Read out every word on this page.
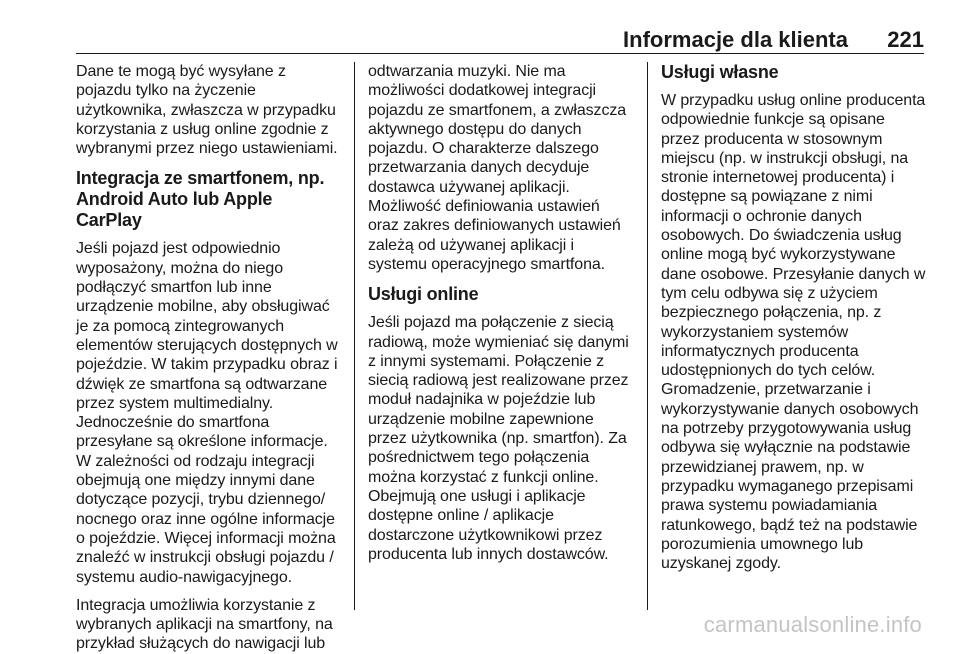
Informacje dla klienta 221

Dane te mogą być wysyłane z
pojazdu tylko na życzenie
użytkownika, zwłaszcza w przypadku
korzystania z usług online zgodnie z
wybranymi przez niego ustawieniami.

Integracja ze smartfonem, np.
Android Auto lub Apple CarPlay

Jeśli pojazd jest odpowiednio
wyposażony, można do niego
podłączyć smartfon lub inne
urządzenie mobilne, aby obsługiwać
je za pomocą zintegrowanych
elementów sterujących dostępnych w
pojeździe. W takim przypadku obraz i
dźwięk ze smartfona są odtwarzane
przez system multimedialny.
Jednocześnie do smartfona
przesyłane są określone informacje.
W zależności od rodzaju integracji
obejmują one między innymi dane
dotyczące pozycji, trybu dziennego/
nocnego oraz inne ogólne informacje
o pojeździe. Więcej informacji można
znaleźć w instrukcji obsługi pojazdu /
systemu audio-nawigacyjnego.

Integracja umożliwia korzystanie z
wybranych aplikacji na smartfony, na
przykład służących do nawigacji lub

odtwarzania muzyki. Nie ma
możliwości dodatkowej integracji
pojazdu ze smartfonem, a zwłaszcza
aktywnego dostępu do danych
pojazdu. O charakterze dalszego
przetwarzania danych decyduje
dostawca używanej aplikacji.
Możliwość definiowania ustawień
oraz zakres definiowanych ustawień
zależą od używanej aplikacji i
systemu operacyjnego smartfona.

Usługi online

Jeśli pojazd ma połączenie z siecią
radiową, może wymieniać się danymi
z innymi systemami. Połączenie z
siecią radiową jest realizowane przez
moduł nadajnika w pojeździe lub
urządzenie mobilne zapewnione
przez użytkownika (np. smartfon). Za
pośrednictwem tego połączenia
można korzystać z funkcji online.
Obejmują one usługi i aplikacje
dostępne online / aplikacje
dostarczone użytkownikowi przez
producenta lub innych dostawców.

Usługi własne

W przypadku usług online producenta
odpowiednie funkcje są opisane
przez producenta w stosownym
miejscu (np. w instrukcji obsługi, na
stronie internetowej producenta) i
dostępne są powiązane z nimi
informacji o ochronie danych
osobowych. Do świadczenia usług
online mogą być wykorzystywane
dane osobowe. Przesyłanie danych w
tym celu odbywa się z użyciem
bezpiecznego połączenia, np. z
wykorzystaniem systemów
informatycznych producenta
udostępnionych do tych celów.
Gromadzenie, przetwarzanie i
wykorzystywanie danych osobowych
na potrzeby przygotowywania usług
odbywa się wyłącznie na podstawie
przewidzianej prawem, np. w
przypadku wymaganego przepisami
prawa systemu powiadamiania
ratunkowego, bądź też na podstawie
porozumienia umownego lub
uzyskanej zgody.

carmanualsonline.info
